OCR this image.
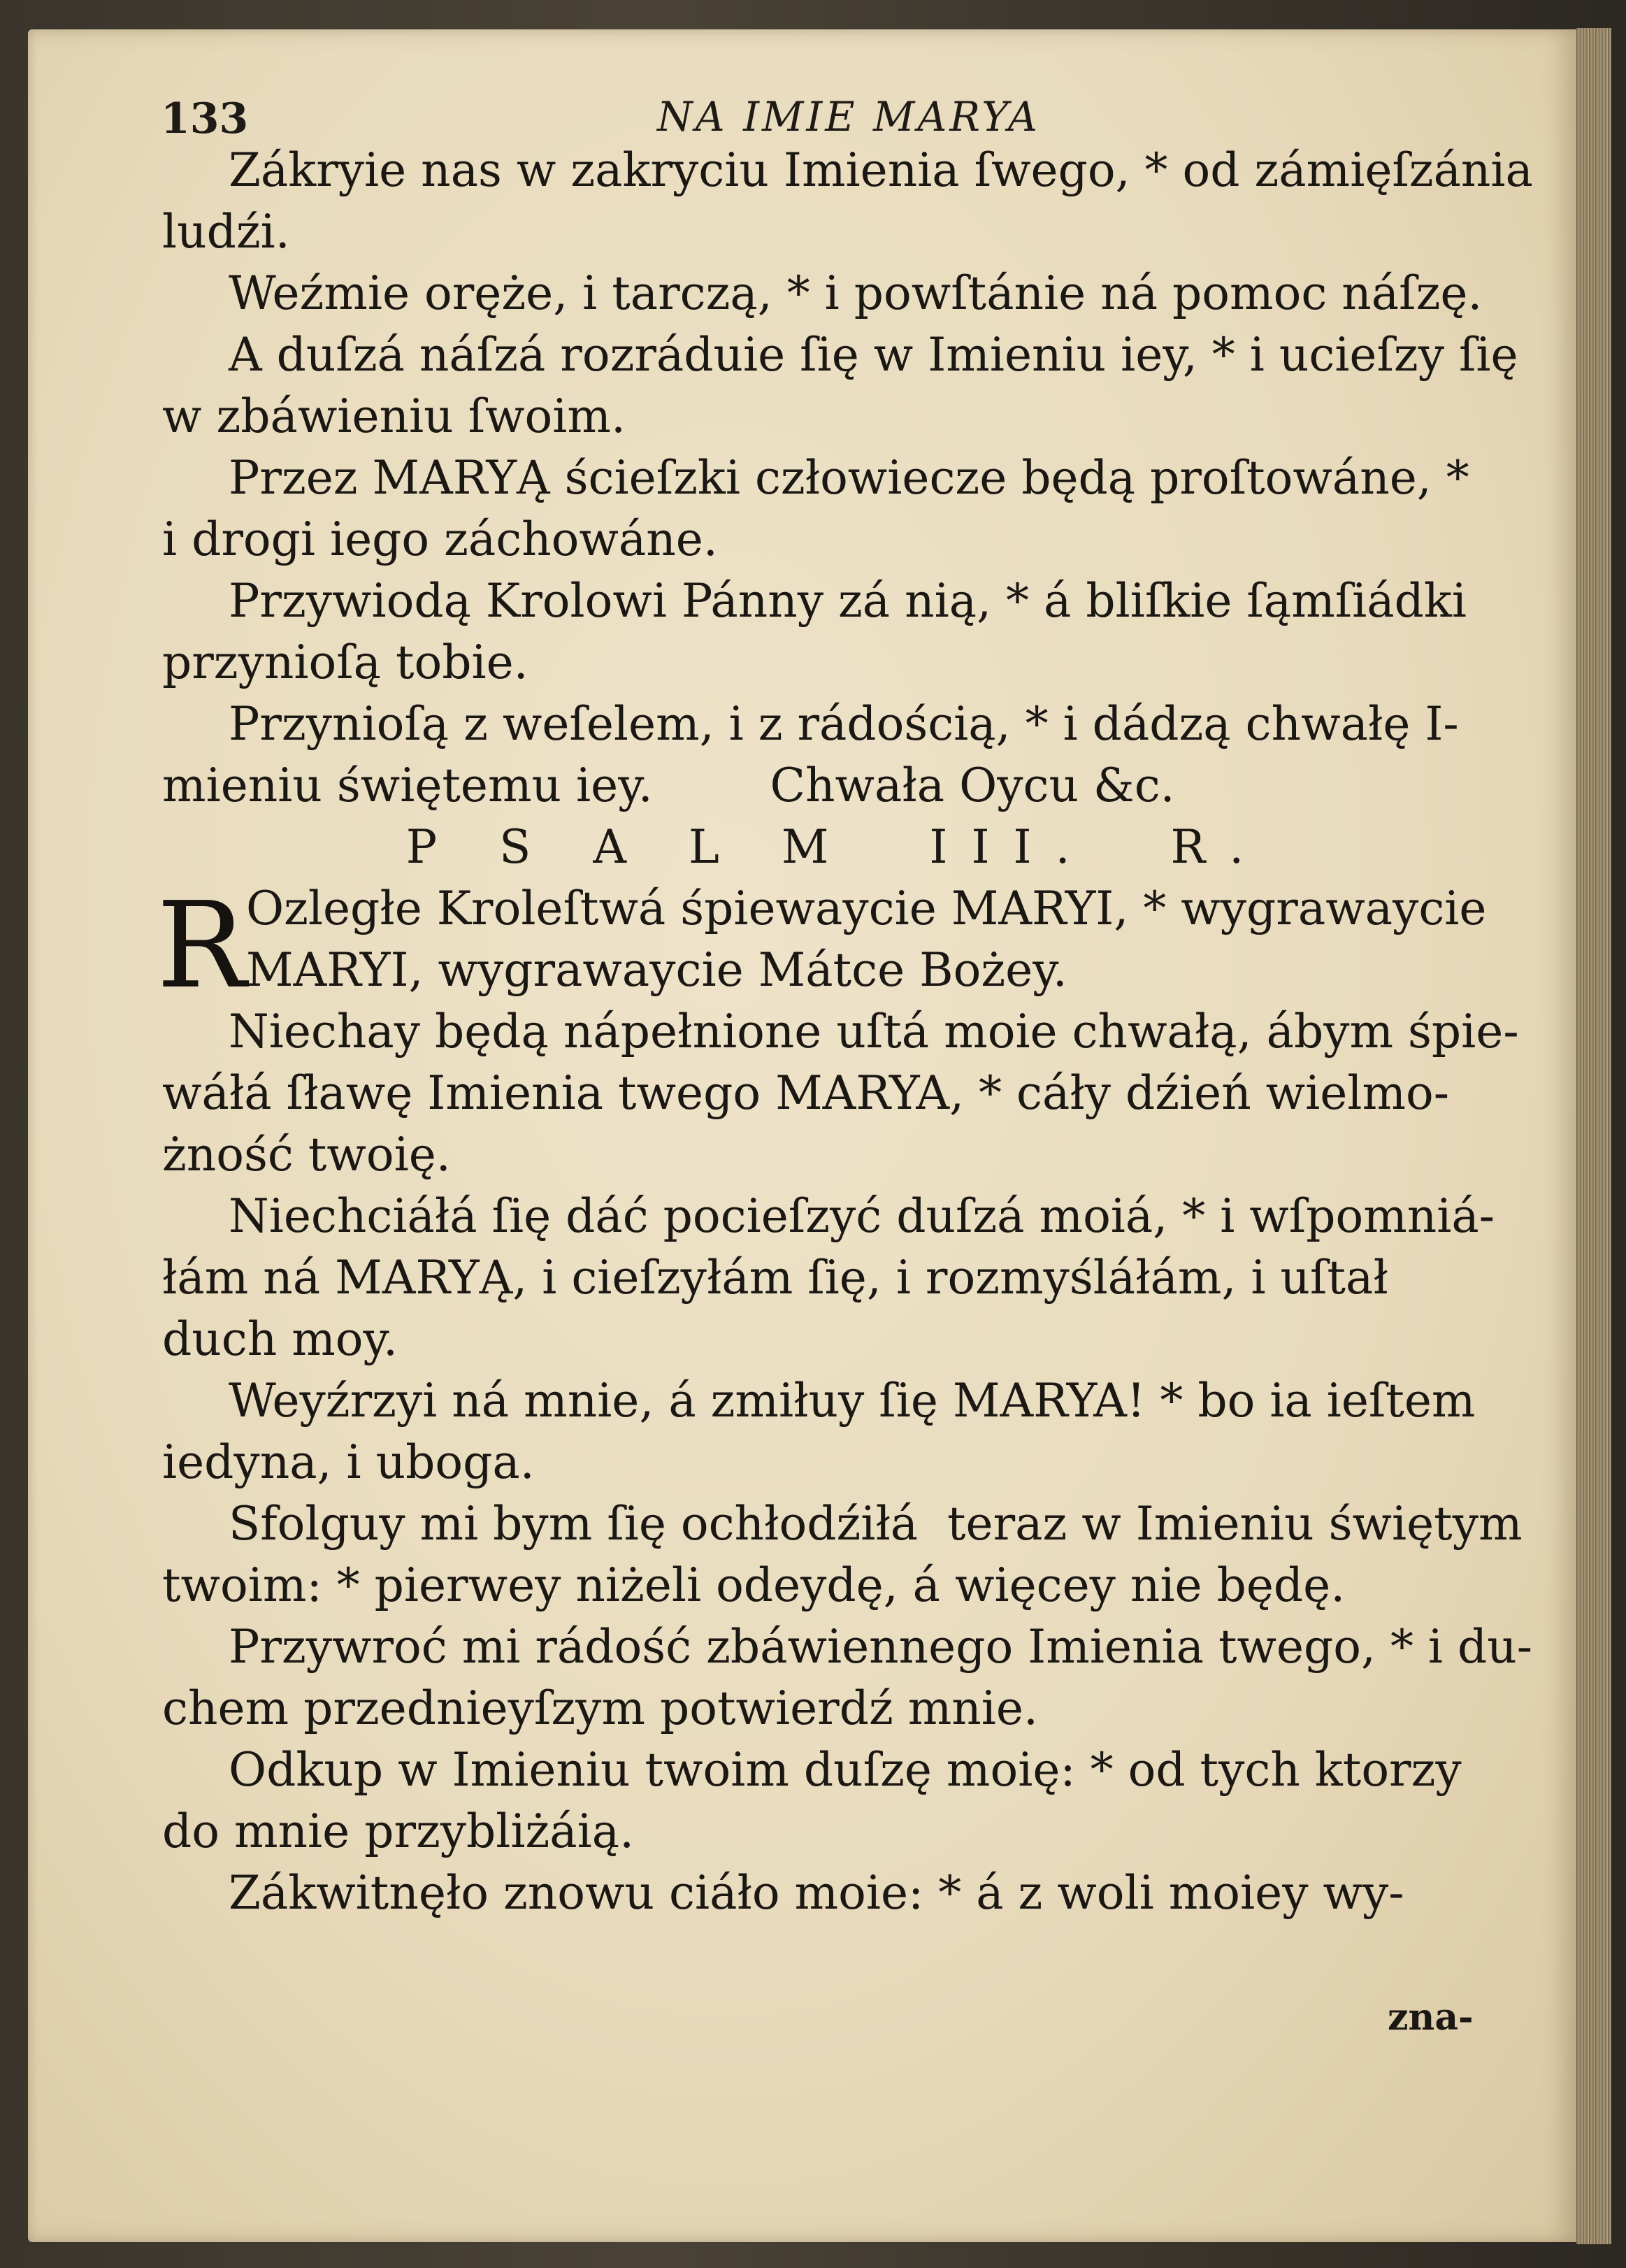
133	NA IMIE MARYA
Zákryie nas w zakryciu Imienia ſwego, * od zámięſzánia
ludźi.
Weźmie oręże, i tarczą, * i powſtánie ná pomoc náſzę.
A duſzá náſzá rozráduie ſię w Imieniu iey, * i ucieſzy ſię
w zbáwieniu ſwoim.
Przez MARYĄ ścieſzki człowiecze będą proſtowáne, *
i drogi iego záchowáne.
Przywiodą Krolowi Pánny zá nią, * á bliſkie ſąmſiádki
przynioſą tobie.
Przynioſą z weſelem, i z rádością, * i dádzą chwałę I-
mieniu świętemu iey.        Chwała Oycu &c.
P S A L M  III.  R.
R Ozległe Kroleſtwá śpiewaycie MARYI, * wygrawaycie
MARYI, wygrawaycie Mátce Bożey.
Niechay będą nápełnione uſtá moie chwałą, ábym śpie-
wáłá ſławę Imienia twego MARYA, * cáły dźień wielmo-
żność twoię.
Niechciáłá ſię dáć pocieſzyć duſzá moiá, * i wſpomniá-
łám ná MARYĄ, i cieſzyłám ſię, i rozmyśláłám, i uſtał
duch moy.
Weyźrzyi ná mnie, á zmiłuy ſię MARYA! * bo ia ieſtem
iedyna, i uboga.
Sfolguy mi bym ſię ochłodźiłá  teraz w Imieniu świętym
twoim: * pierwey niżeli odeydę, á więcey nie będę.
Przywroć mi rádość zbáwiennego Imienia twego, * i du-
chem przednieyſzym potwierdź mnie.
Odkup w Imieniu twoim duſzę moię: * od tych ktorzy
do mnie przybliżáią.
Zákwitnęło znowu ciáło moie: * á z woli moiey wy-
zna-
